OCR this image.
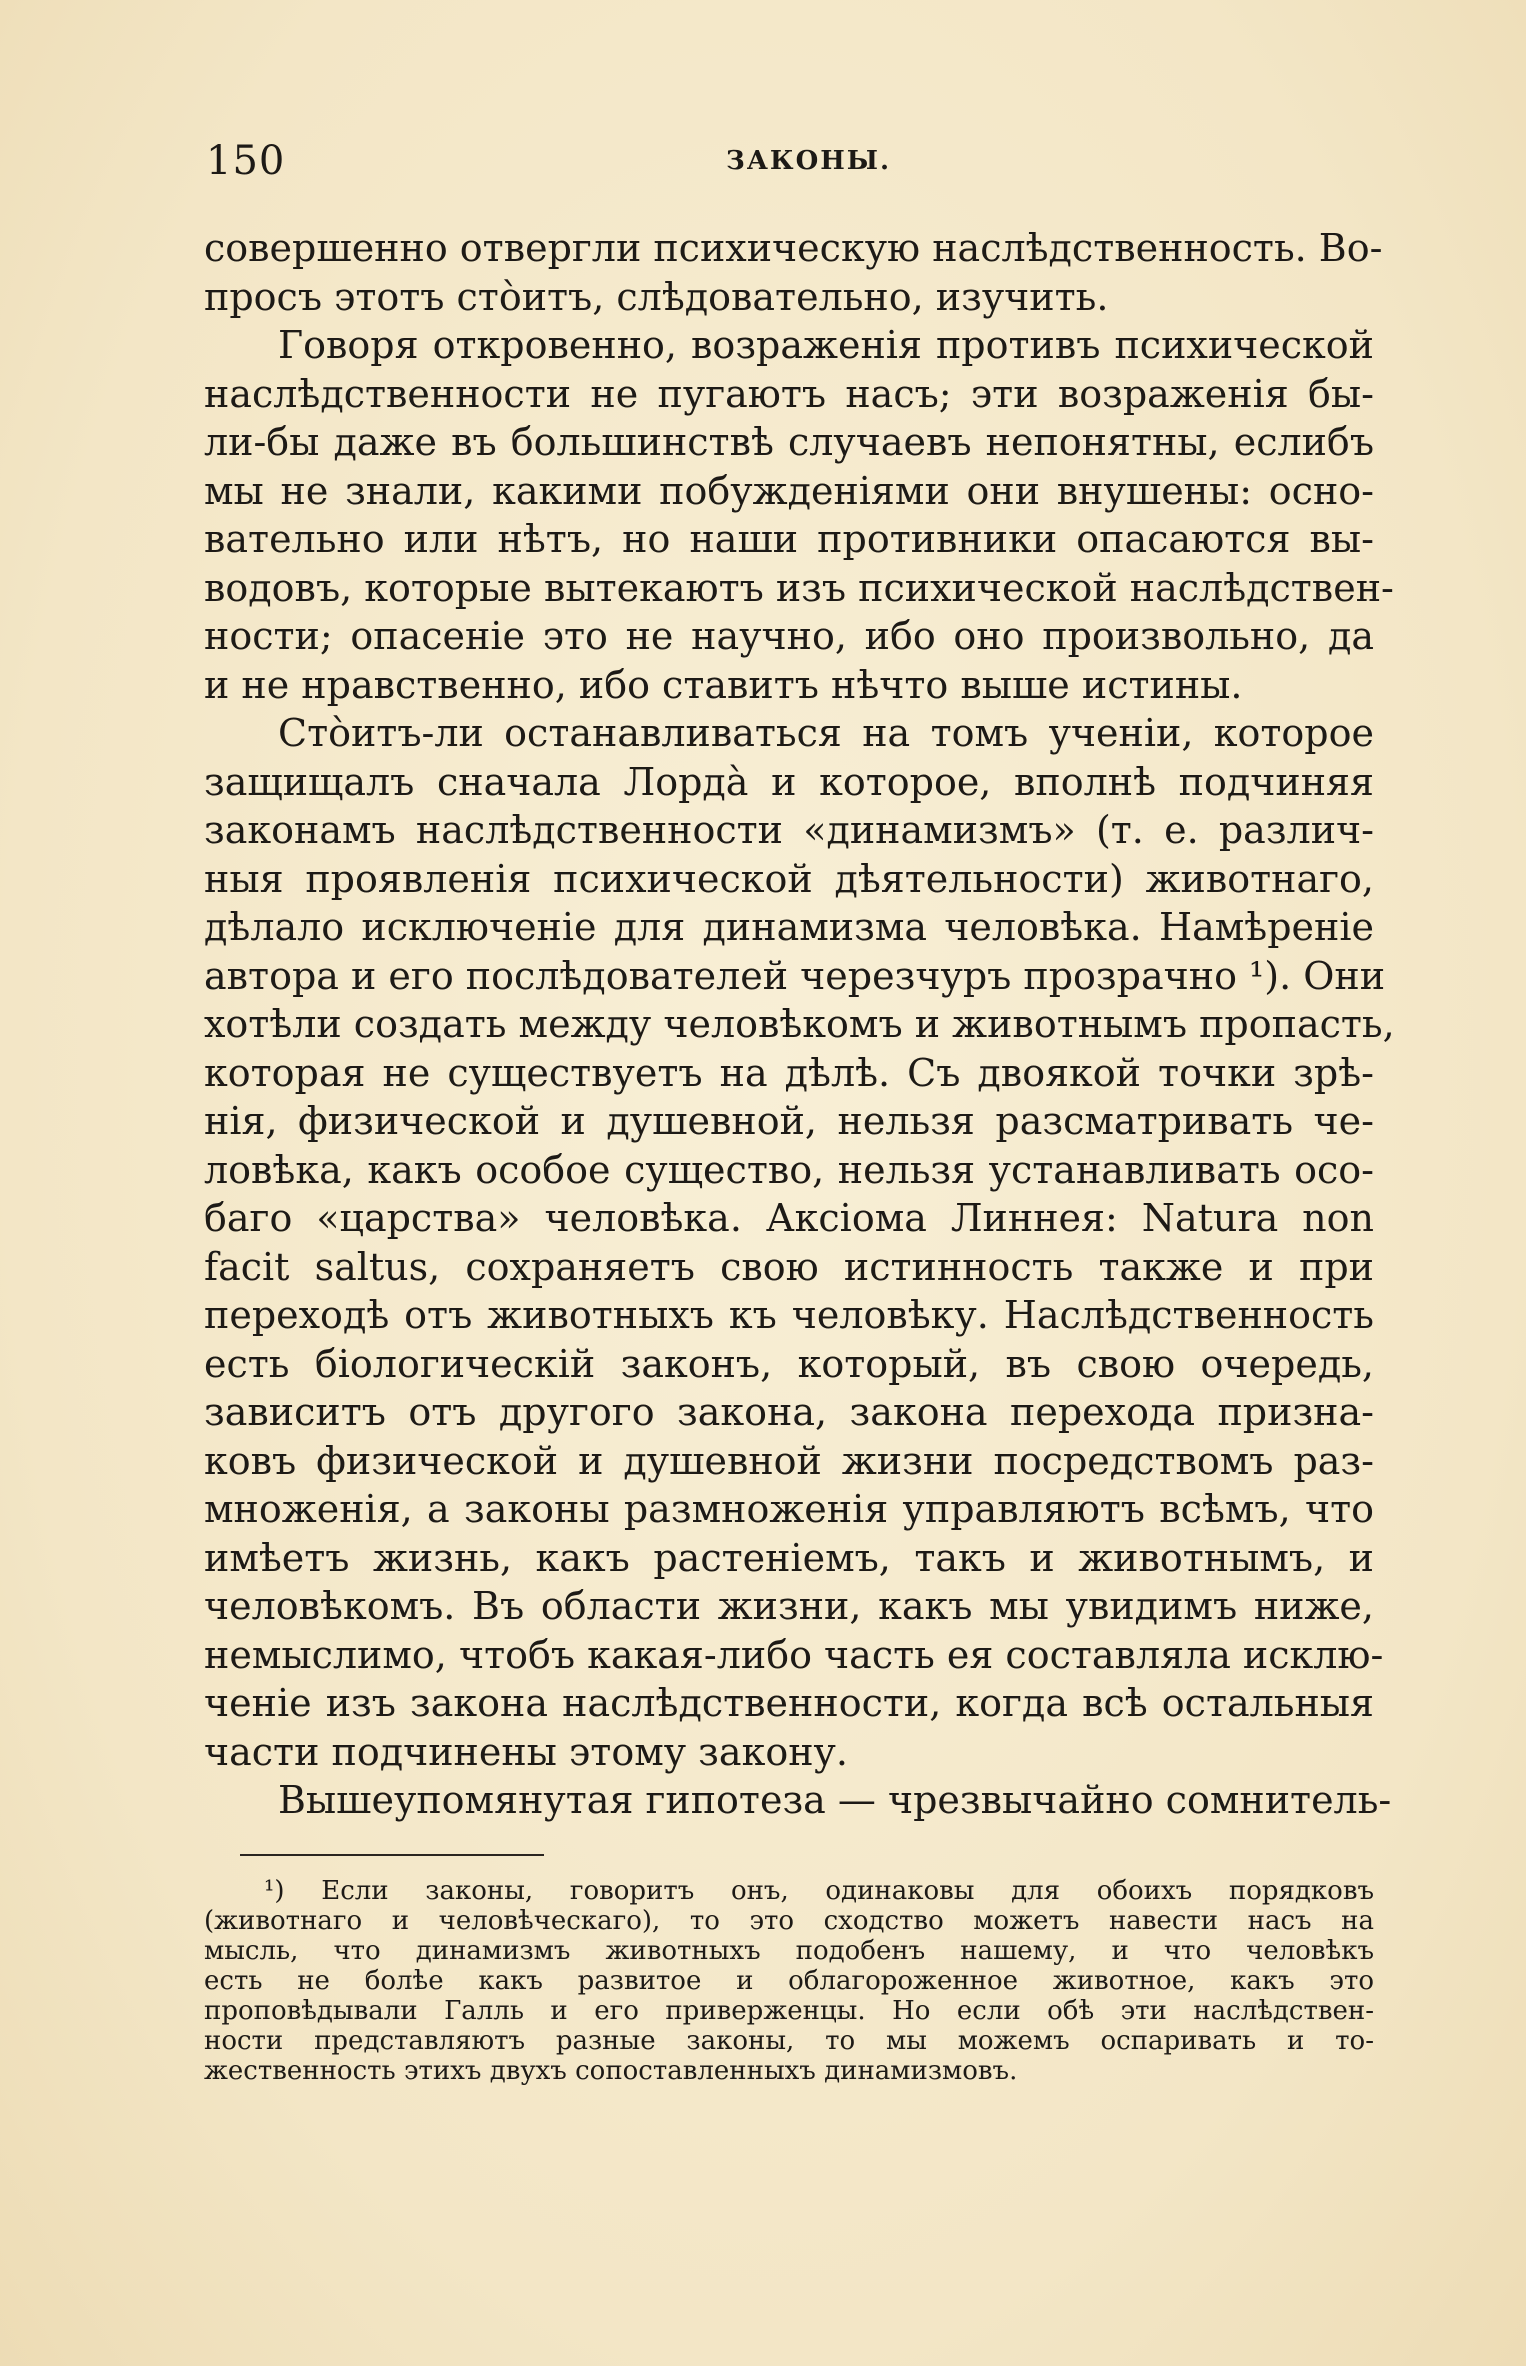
150	ЗАКОНЫ.
совершенно отвергли психическую наслѣдственность. Во-
просъ этотъ стòитъ, слѣдовательно, изучить.
Говоря откровенно, возраженія противъ психической
наслѣдственности не пугаютъ насъ; эти возраженія бы-
ли-бы даже въ большинствѣ случаевъ непонятны, еслибъ
мы не знали, какими побужденіями они внушены: осно-
вательно или нѣтъ, но наши противники опасаются вы-
водовъ, которые вытекаютъ изъ психической наслѣдствен-
ности; опасеніе это не научно, ибо оно произвольно, да
и не нравственно, ибо ставитъ нѣчто выше истины.
Стòитъ-ли останавливаться на томъ ученіи, которое
защищалъ сначала Лорда̀ и которое, вполнѣ подчиняя
законамъ наслѣдственности «динамизмъ» (т. е. различ-
ныя проявленія психической дѣятельности) животнаго,
дѣлало исключеніе для динамизма человѣка. Намѣреніе
автора и его послѣдователей черезчуръ прозрачно ¹). Они
хотѣли создать между человѣкомъ и животнымъ пропасть,
которая не существуетъ на дѣлѣ. Съ двоякой точки зрѣ-
нія, физической и душевной, нельзя разсматривать че-
ловѣка, какъ особое существо, нельзя устанавливать осо-
баго «царства» человѣка. Аксіома Линнея: Natura non
facit saltus, сохраняетъ свою истинность также и при
переходѣ отъ животныхъ къ человѣку. Наслѣдственность
есть біологическій законъ, который, въ свою очередь,
зависитъ отъ другого закона, закона перехода призна-
ковъ физической и душевной жизни посредствомъ раз-
множенія, а законы размноженія управляютъ всѣмъ, что
имѣетъ жизнь, какъ растеніемъ, такъ и животнымъ, и
человѣкомъ. Въ области жизни, какъ мы увидимъ ниже,
немыслимо, чтобъ какая-либо часть ея составляла исклю-
ченіе изъ закона наслѣдственности, когда всѣ остальныя
части подчинены этому закону.
Вышеупомянутая гипотеза — чрезвычайно сомнитель-
¹) Если законы, говоритъ онъ, одинаковы для обоихъ порядковъ
(животнаго и человѣческаго), то это сходство можетъ навести насъ на
мысль, что динамизмъ животныхъ подобенъ нашему, и что человѣкъ
есть не болѣе какъ развитое и облагороженное животное, какъ это
проповѣдывали Галль и его приверженцы. Но если обѣ эти наслѣдствен-
ности представляютъ разные законы, то мы можемъ оспаривать и то-
жественность этихъ двухъ сопоставленныхъ динамизмовъ.
